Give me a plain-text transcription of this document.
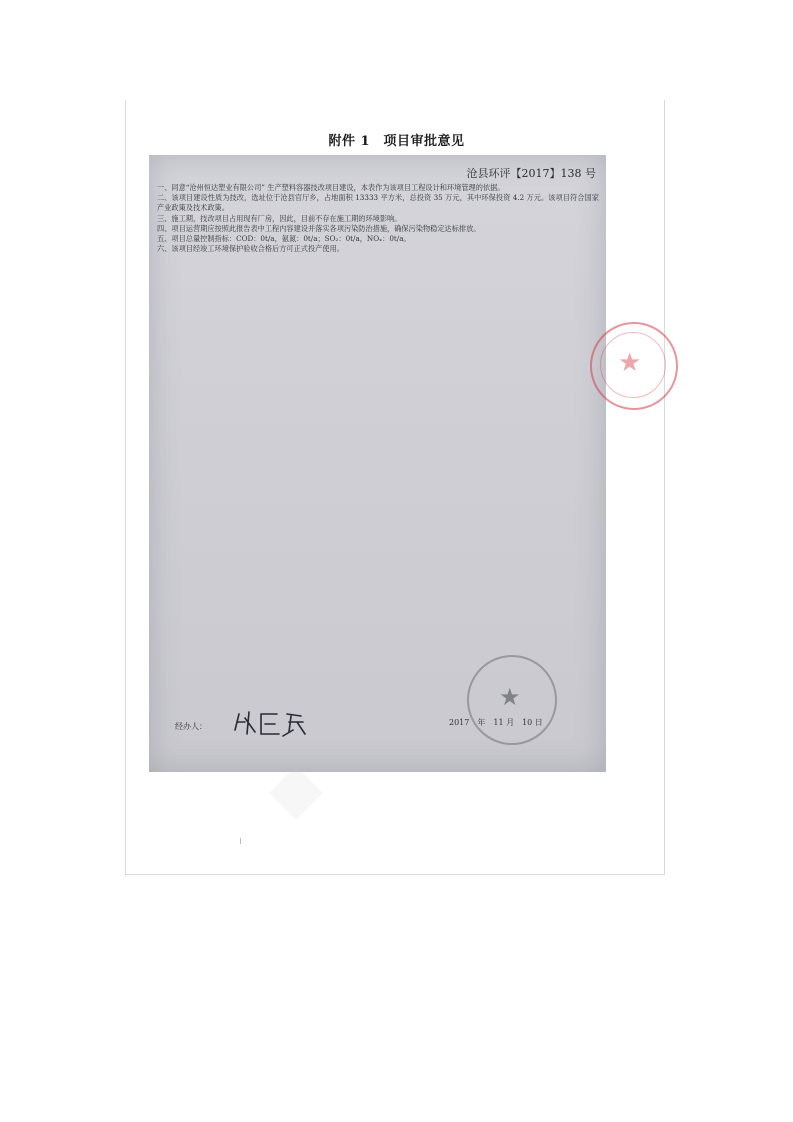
附件 1　项目审批意见
◆
沧县环评【2017】138 号

一、同意“沧州恒达塑业有限公司” 生产塑料容器技改项目建设，本表作为该项目工程设计和环境管理的依据。

二、该项目建设性质为技改，选址位于沧县官厅乡，占地面积 13333 平方米，总投资 35 万元，其中环保投资 4.2 万元。该项目符合国家产业政策及技术政策。

三、施工期，技改项目占用现有厂房，因此，目前不存在施工期的环境影响。

四、项目运营期应按照此报告表中工程内容建设并落实各项污染防治措施，确保污染物稳定达标排放。

五、项目总量控制指标：COD：0t/a，氨氮：0t/a；SO₂：0t/a，NOₓ：0t/a。

六、该项目经竣工环境保护验收合格后方可正式投产使用。

★
经办人：	2017　年　11 月　10 日
★
